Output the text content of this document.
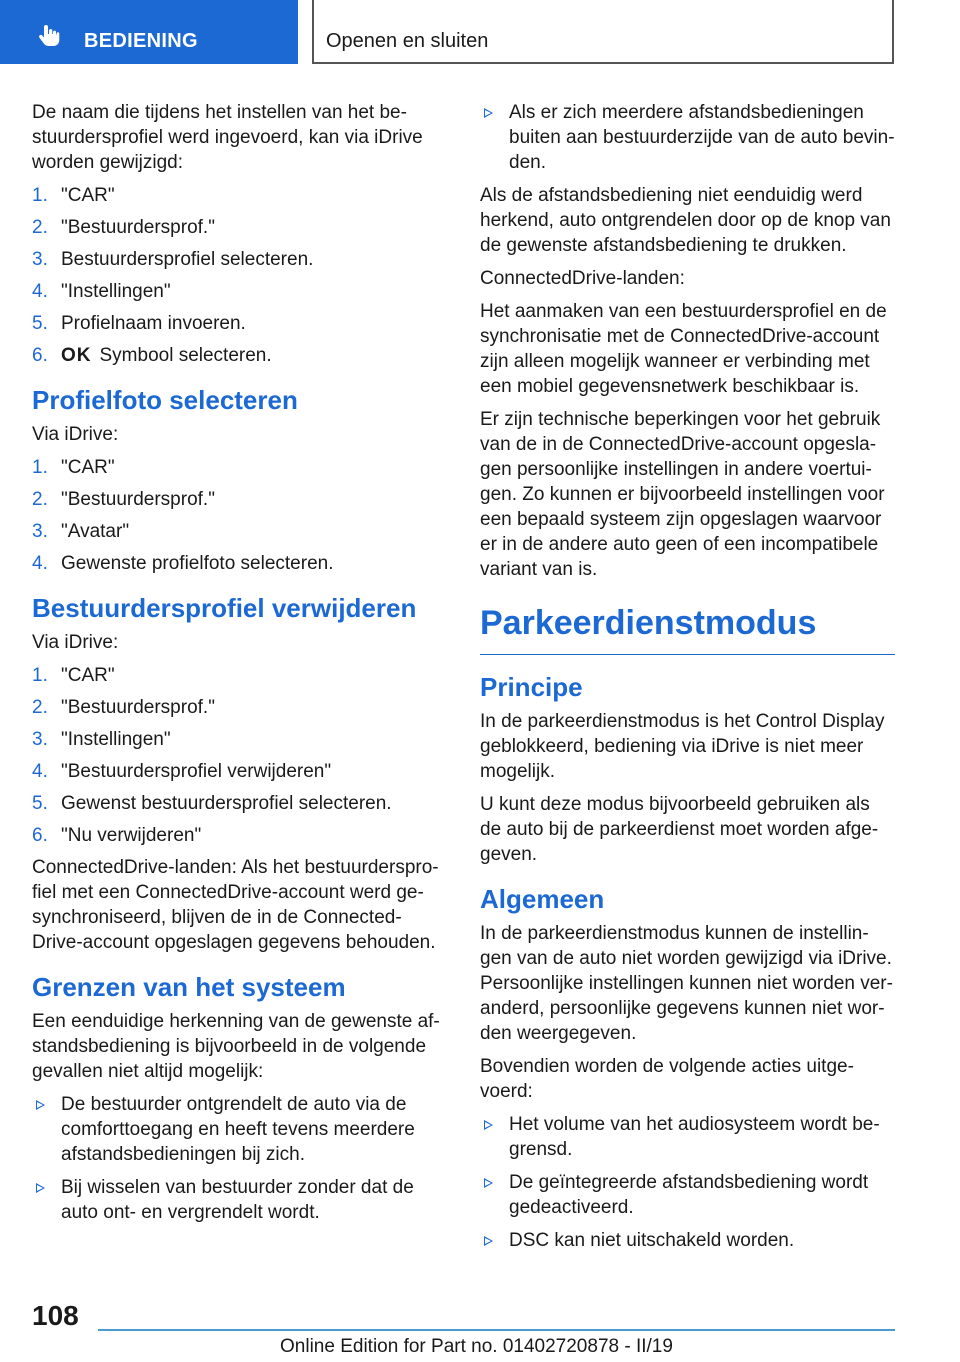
BEDIENING	Openen en sluiten

De naam die tijdens het instellen van het be-stuurdersprofiel werd ingevoerd, kan via iDrive worden gewijzigd:

1. "CAR"
2. "Bestuurdersprof."
3. Bestuurdersprofiel selecteren.
4. "Instellingen"
5. Profielnaam invoeren.
6. OK Symbool selecteren.
Profielfoto selecteren

Via iDrive:

1. "CAR"
2. "Bestuurdersprof."
3. "Avatar"
4. Gewenste profielfoto selecteren.
Bestuurdersprofiel verwijderen

Via iDrive:

1. "CAR"
2. "Bestuurdersprof."
3. "Instellingen"
4. "Bestuurdersprofiel verwijderen"
5. Gewenst bestuurdersprofiel selecteren.
6. "Nu verwijderen"

ConnectedDrive-landen: Als het bestuurderspro-fiel met een ConnectedDrive-account werd ge-synchroniseerd, blijven de in de Connected-Drive-account opgeslagen gegevens behouden.

Grenzen van het systeem

Een eenduidige herkenning van de gewenste af-standsbediening is bijvoorbeeld in de volgende gevallen niet altijd mogelijk:

De bestuurder ontgrendelt de auto via de comforttoegang en heeft tevens meerdere afstandsbedieningen bij zich.
Bij wisselen van bestuurder zonder dat de auto ont- en vergrendelt wordt.
Als er zich meerdere afstandsbedieningen buiten aan bestuurderzijde van de auto bevin-den.

Als de afstandsbediening niet eenduidig werd herkend, auto ontgrendelen door op de knop van de gewenste afstandsbediening te drukken.

ConnectedDrive-landen:

Het aanmaken van een bestuurdersprofiel en de synchronisatie met de ConnectedDrive-account zijn alleen mogelijk wanneer er verbinding met een mobiel gegevensnetwerk beschikbaar is.

Er zijn technische beperkingen voor het gebruik van de in de ConnectedDrive-account opgesla-gen persoonlijke instellingen in andere voertui-gen. Zo kunnen er bijvoorbeeld instellingen voor een bepaald systeem zijn opgeslagen waarvoor er in de andere auto geen of een incompatibele variant van is.

Parkeerdienstmodus
Principe

In de parkeerdienstmodus is het Control Display geblokkeerd, bediening via iDrive is niet meer mogelijk.

U kunt deze modus bijvoorbeeld gebruiken als de auto bij de parkeerdienst moet worden afge-geven.

Algemeen

In de parkeerdienstmodus kunnen de instellin-gen van de auto niet worden gewijzigd via iDrive. Persoonlijke instellingen kunnen niet worden ver-anderd, persoonlijke gegevens kunnen niet wor-den weergegeven.

Bovendien worden de volgende acties uitge-voerd:

Het volume van het audiosysteem wordt be-grensd.
De geïntegreerde afstandsbediening wordt gedeactiveerd.
DSC kan niet uitschakeld worden.
108
Online Edition for Part no. 01402720878 - II/19
